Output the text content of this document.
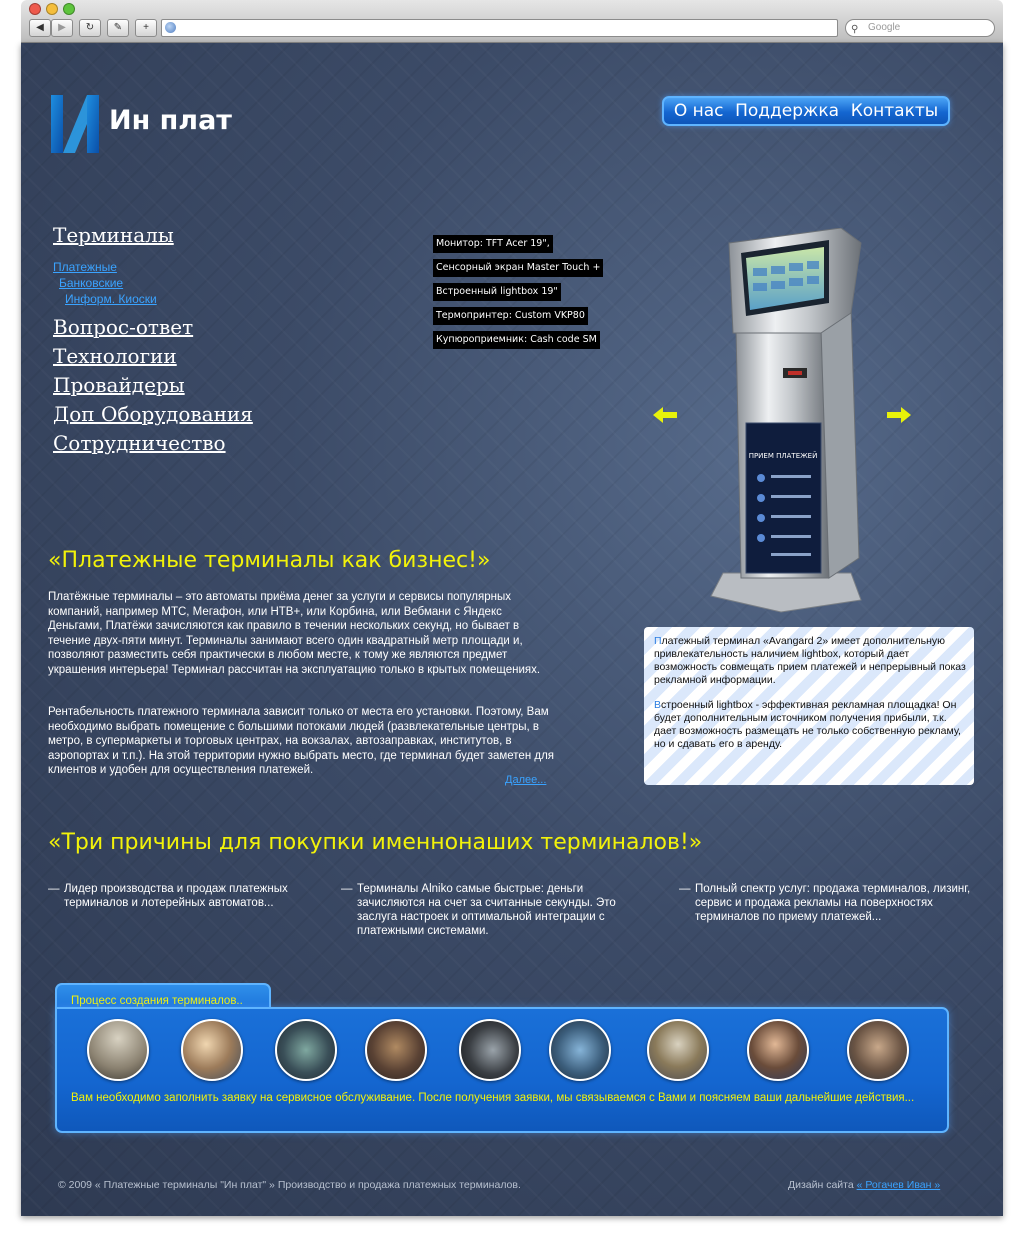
◀	▶	↻	✎	+	⚲ Google
Ин плат	О нас Поддержка Контакты
Терминалы
Платежные
Банковские
Информ. Киоски
Вопрос-ответ
Технологии
Провайдеры
Доп Оборудования
Сотрудничество
Монитор: TFT Acer 19",
Сенсорный экран Master Touch +
Встроенный lightbox 19"
Термопринтер: Custom VKP80
Купюроприемник: Cash code SM
ПРИЕМ ПЛАТЕЖЕЙ

Платежный терминал «Avangard 2» имеет дополнительную привлекательность наличием lightbox, который дает возможность совмещать прием платежей и непрерывный показ рекламной информации.

Встроенный lightbox - эффективная рекламная площадка! Он будет дополнительным источником получения прибыли, т.к. дает возможность размещать не только собственную рекламу, но и сдавать его в аренду.

«Платежные терминалы как бизнес!»
Платёжные терминалы – это автоматы приёма денег за услуги и сервисы популярных компаний, например МТС, Мегафон, или НТВ+, или Корбина, или Вебмани с Яндекс Деньгами, Платёжи зачисляются как правило в течении нескольких секунд, но бывает в течение двух-пяти минут. Терминалы занимают всего один квадратный метр площади и, позволяют разместить себя практически в любом месте, к тому же являются предмет украшения интерьера! Терминал рассчитан на эксплуатацию только в крытых помещениях.
Рентабельность платежного терминала зависит только от места его установки. Поэтому, Вам необходимо выбрать помещение с большими потоками людей (развлекательные центры, в метро, в супермаркеты и торговых центрах, на вокзалах, автозаправках, институтов, в аэропортах и т.п.). На этой территории нужно выбрать место, где терминал будет заметен для клиентов и удобен для осуществления платежей.
Далее...
«Три причины для покупки именнонаших терминалов!»
— Лидер производства и продаж платежных терминалов и лотерейных автоматов...
— Терминалы Alniko самые быстрые: деньги зачисляются на счет за считанные секунды. Это заслуга настроек и оптимальной интеграции с платежными системами.
— Полный спектр услуг: продажа терминалов, лизинг, сервис и продажа рекламы на поверхностях терминалов по приему платежей...
Процесс создания терминалов..
Вам необходимо заполнить заявку на сервисное обслуживание. После получения заявки, мы связываемся с Вами и поясняем ваши дальнейшие действия...
© 2009 « Платежные терминалы "Ин плат" » Производство и продажа платежных терминалов.	Дизайн сайта « Рогачев Иван »
